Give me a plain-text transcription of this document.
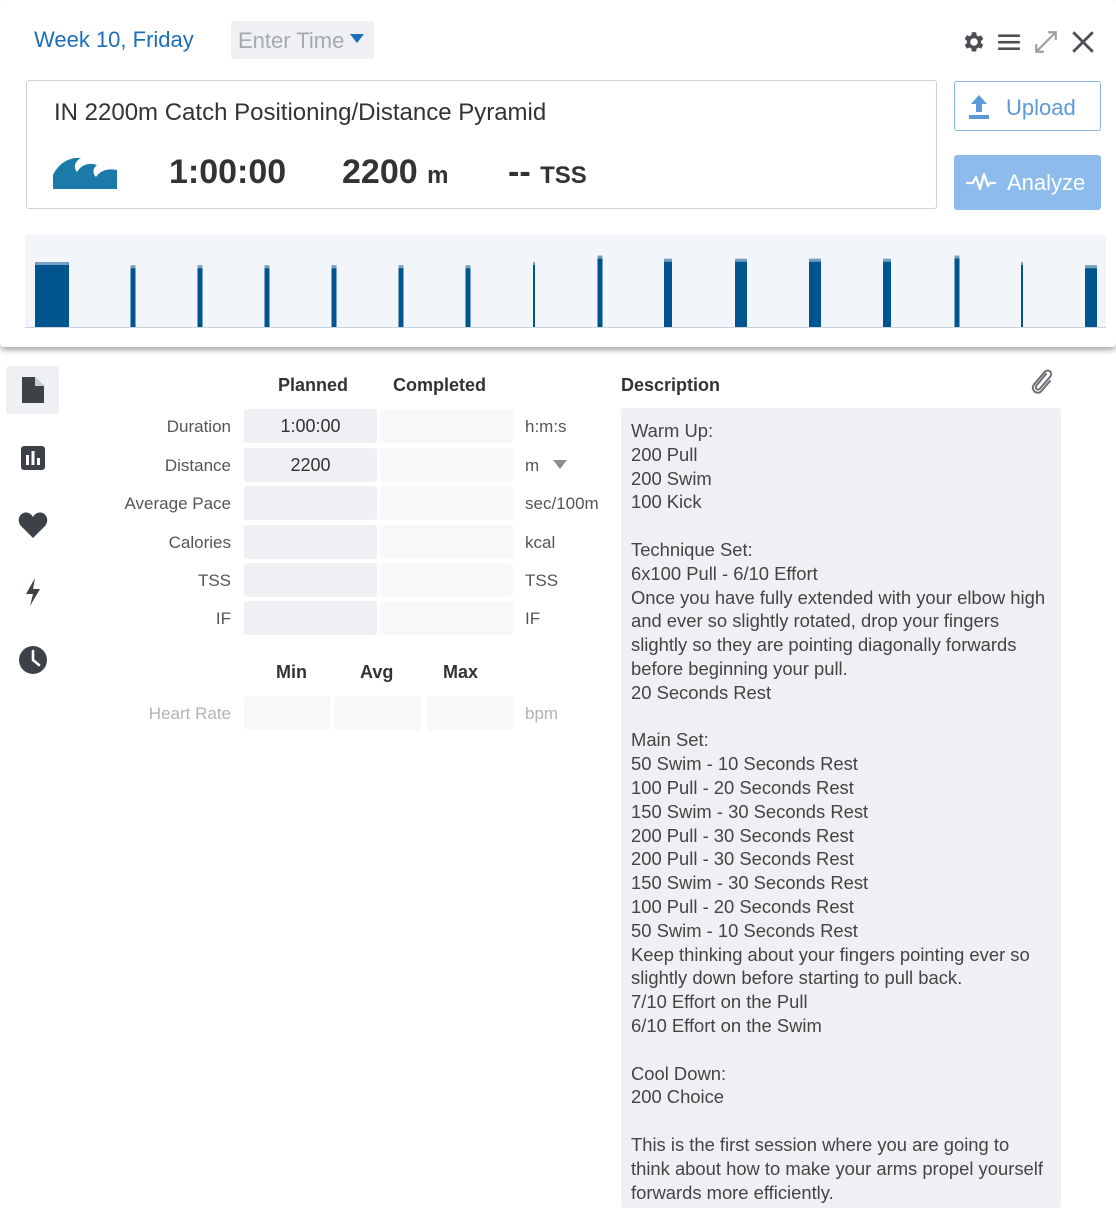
Week 10, Friday	Enter Time
IN 2200m Catch Positioning/Distance Pyramid
1:00:00 2200 m -- TSS
Upload
Analyze
Planned Completed
Duration	1:00:00	h:m:s
Distance	2200	m
Average Pace	sec/100m
Calories	kcal
TSS	TSS
IF	IF
Min	Avg	Max
Heart Rate	bpm
Description
Warm Up:
200 Pull
200 Swim
100 Kick

Technique Set:
6x100 Pull - 6/10 Effort
Once you have fully extended with your elbow high and ever so slightly rotated, drop your fingers slightly so they are pointing diagonally forwards before beginning your pull.
20 Seconds Rest

Main Set:
50 Swim - 10 Seconds Rest
100 Pull - 20 Seconds Rest
150 Swim - 30 Seconds Rest
200 Pull - 30 Seconds Rest
200 Pull - 30 Seconds Rest
150 Swim - 30 Seconds Rest
100 Pull - 20 Seconds Rest
50 Swim - 10 Seconds Rest
Keep thinking about your fingers pointing ever so slightly down before starting to pull back.
7/10 Effort on the Pull
6/10 Effort on the Swim

Cool Down:
200 Choice

This is the first session where you are going to think about how to make your arms propel yourself forwards more efficiently.
